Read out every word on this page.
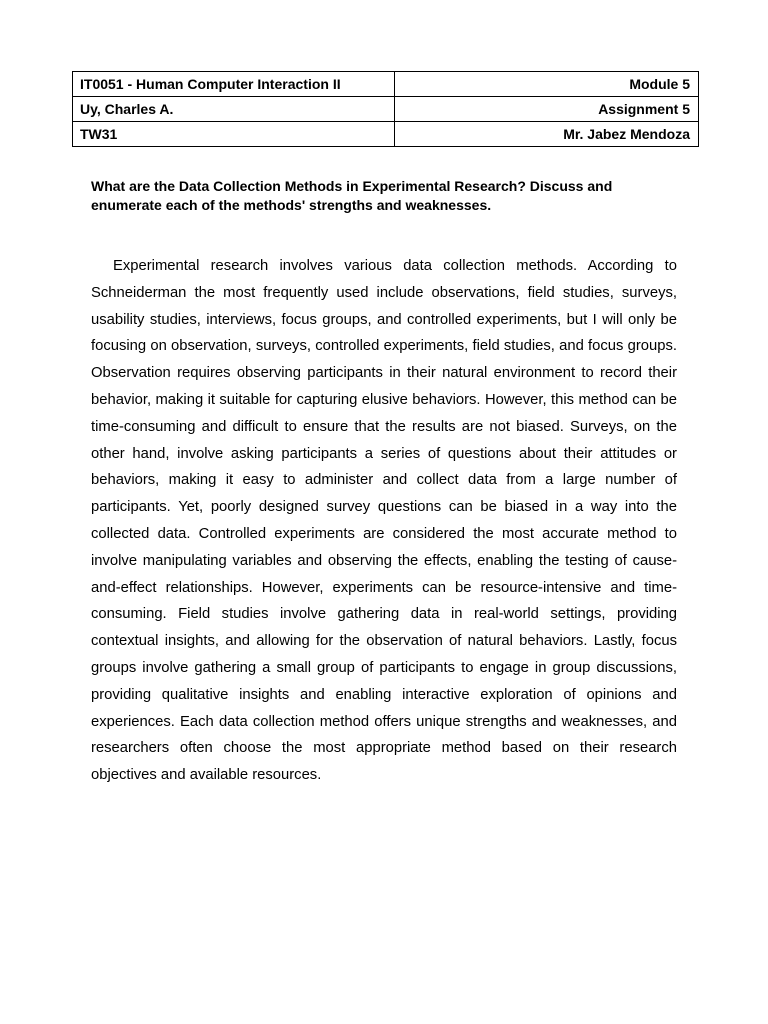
IT0051 - Human Computer Interaction II	Module 5
Uy, Charles A.	Assignment 5
TW31	Mr. Jabez Mendoza

What are the Data Collection Methods in Experimental Research? Discuss and enumerate each of the methods' strengths and weaknesses.

Experimental research involves various data collection methods. According to Schneiderman the most frequently used include observations, field studies, surveys, usability studies, interviews, focus groups, and controlled experiments, but I will only be focusing on observation, surveys, controlled experiments, field studies, and focus groups. Observation requires observing participants in their natural environment to record their behavior, making it suitable for capturing elusive behaviors. However, this method can be time-consuming and difficult to ensure that the results are not biased. Surveys, on the other hand, involve asking participants a series of questions about their attitudes or behaviors, making it easy to administer and collect data from a large number of participants. Yet, poorly designed survey questions can be biased in a way into the collected data. Controlled experiments are considered the most accurate method to involve manipulating variables and observing the effects, enabling the testing of cause-and-effect relationships. However, experiments can be resource-intensive and time-consuming. Field studies involve gathering data in real-world settings, providing contextual insights, and allowing for the observation of natural behaviors. Lastly, focus groups involve gathering a small group of participants to engage in group discussions, providing qualitative insights and enabling interactive exploration of opinions and experiences. Each data collection method offers unique strengths and weaknesses, and researchers often choose the most appropriate method based on their research objectives and available resources.
